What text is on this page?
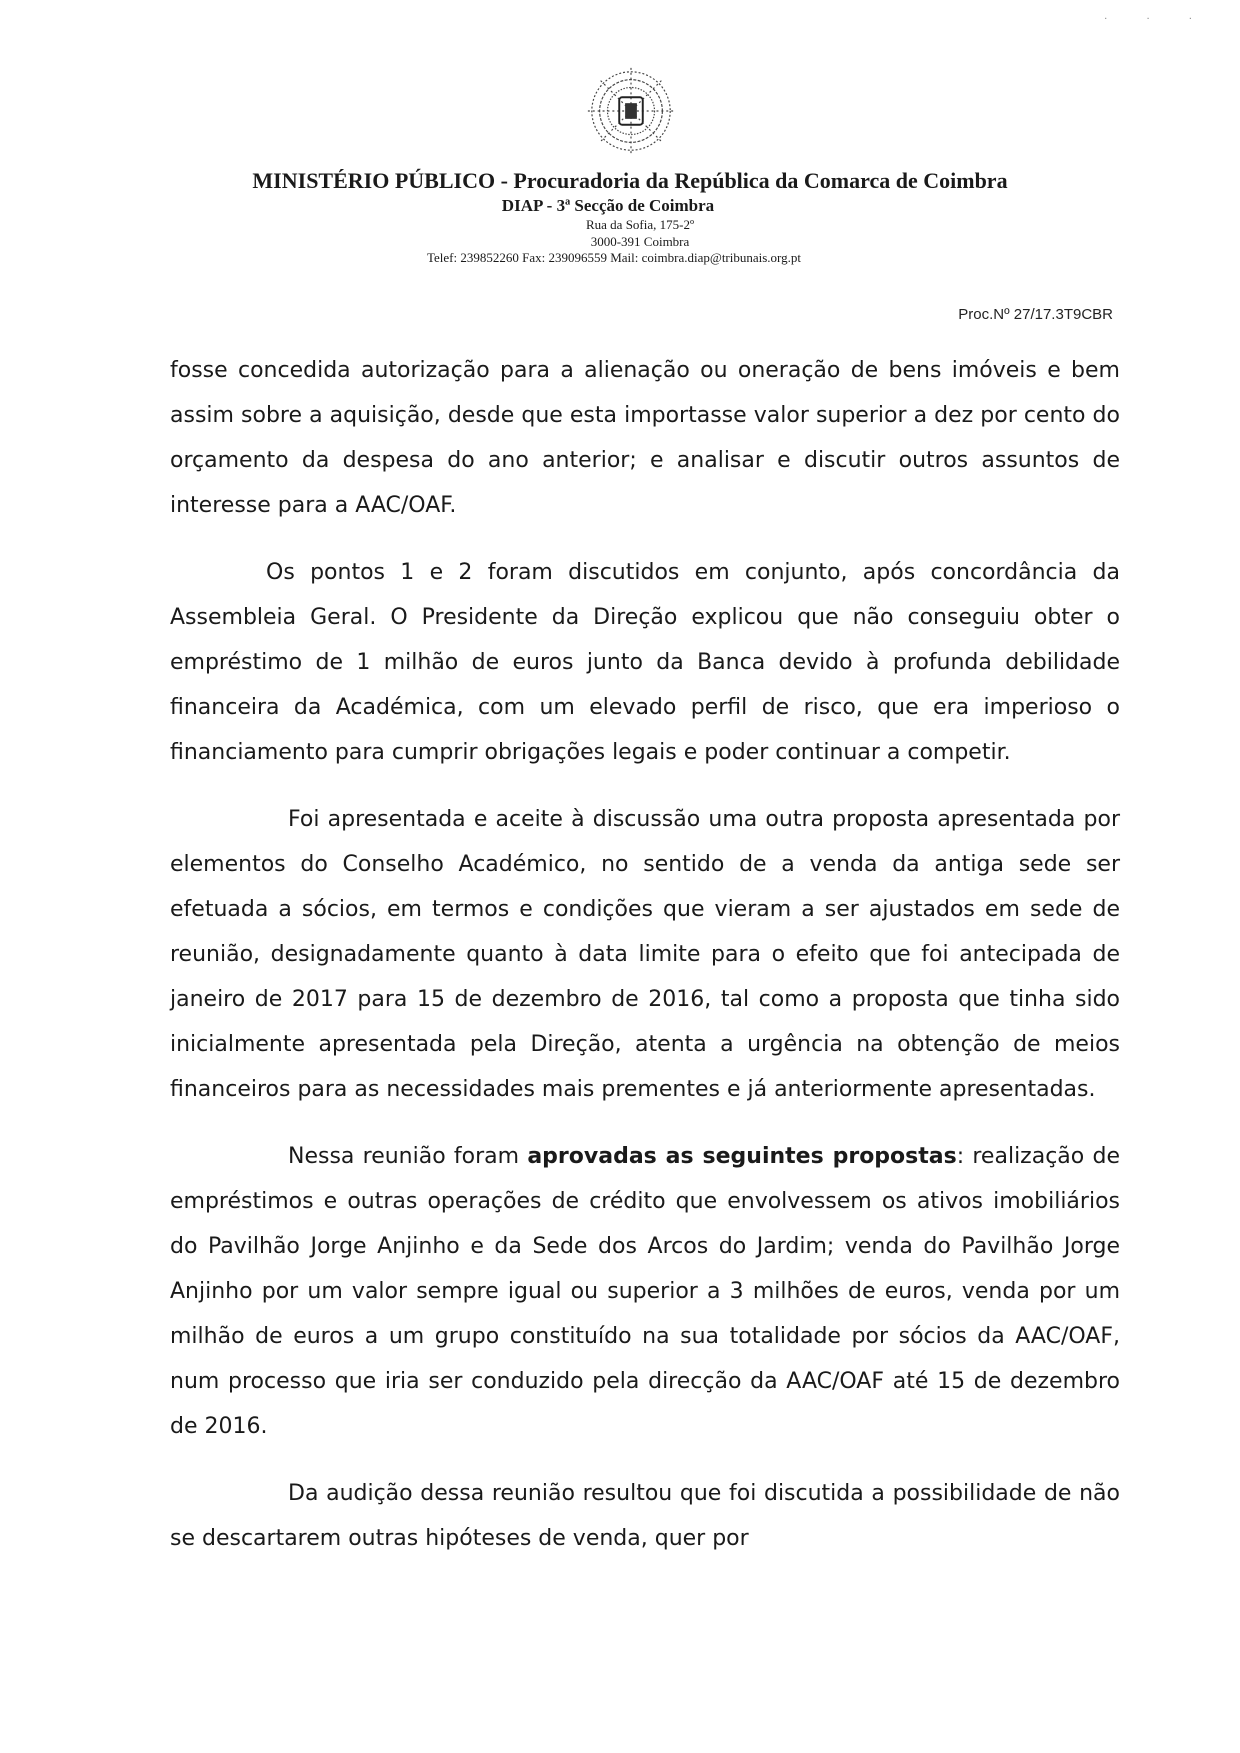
· · ·
MINISTÉRIO PÚBLICO - Procuradoria da República da Comarca de Coimbra
DIAP - 3ª Secção de Coimbra
Rua da Sofia, 175-2º
3000-391 Coimbra
Telef: 239852260 Fax: 239096559 Mail: coimbra.diap@tribunais.org.pt
Proc.Nº 27/17.3T9CBR

fosse concedida autorização para a alienação ou oneração de bens imóveis e bem assim sobre a aquisição, desde que esta importasse valor superior a dez por cento do orçamento da despesa do ano anterior; e analisar e discutir outros assuntos de interesse para a AAC/OAF.

Os pontos 1 e 2 foram discutidos em conjunto, após concordância da Assembleia Geral. O Presidente da Direção explicou que não conseguiu obter o empréstimo de 1 milhão de euros junto da Banca devido à profunda debilidade financeira da Académica, com um elevado perfil de risco, que era imperioso o financiamento para cumprir obrigações legais e poder continuar a competir.

Foi apresentada e aceite à discussão uma outra proposta apresentada por elementos do Conselho Académico, no sentido de a venda da antiga sede ser efetuada a sócios, em termos e condições que vieram a ser ajustados em sede de reunião, designadamente quanto à data limite para o efeito que foi antecipada de janeiro de 2017 para 15 de dezembro de 2016, tal como a proposta que tinha sido inicialmente apresentada pela Direção, atenta a urgência na obtenção de meios financeiros para as necessidades mais prementes e já anteriormente apresentadas.

Nessa reunião foram aprovadas as seguintes propostas: realização de empréstimos e outras operações de crédito que envolvessem os ativos imobiliários do Pavilhão Jorge Anjinho e da Sede dos Arcos do Jardim; venda do Pavilhão Jorge Anjinho por um valor sempre igual ou superior a 3 milhões de euros, venda por um milhão de euros a um grupo constituído na sua totalidade por sócios da AAC/OAF, num processo que iria ser conduzido pela direcção da AAC/OAF até 15 de dezembro de 2016.

Da audição dessa reunião resultou que foi discutida a possibilidade de não se descartarem outras hipóteses de venda, quer por
